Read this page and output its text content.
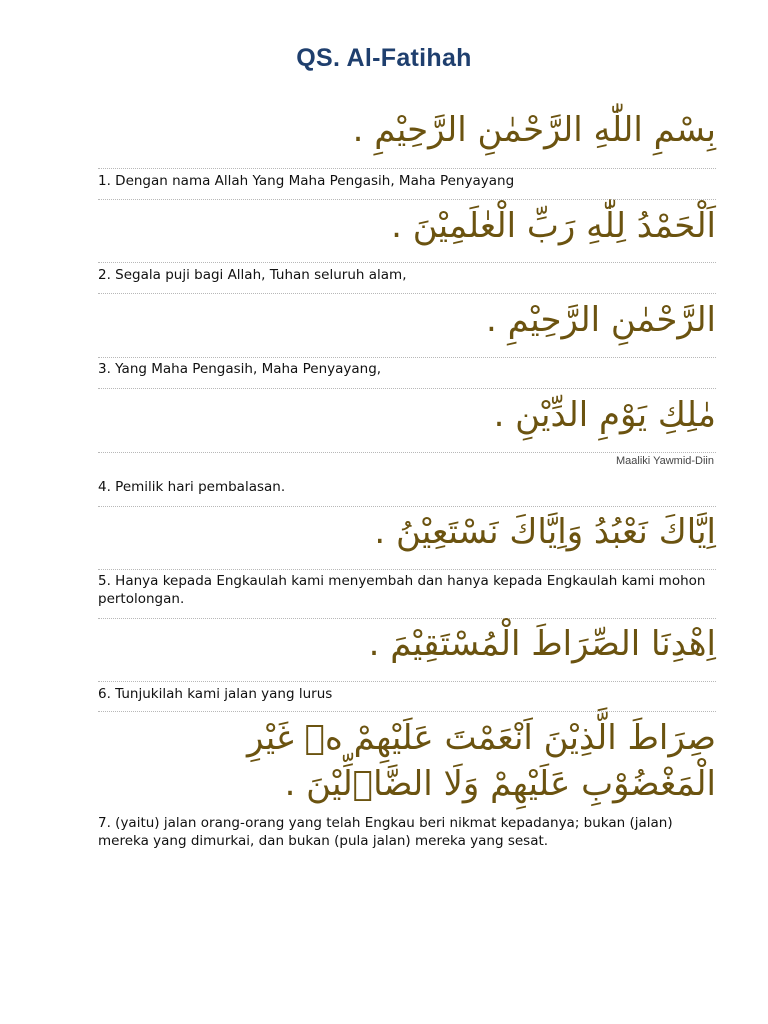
QS. Al-Fatihah
بِسْمِ اللّٰهِ الرَّحْمٰنِ الرَّحِيْمِ .
1. Dengan nama Allah Yang Maha Pengasih, Maha Penyayang
اَلْحَمْدُ لِلّٰهِ رَبِّ الْعٰلَمِيْنَ .
2. Segala puji bagi Allah, Tuhan seluruh alam,
الرَّحْمٰنِ الرَّحِيْمِ .
3. Yang Maha Pengasih, Maha Penyayang,
مٰلِكِ يَوْمِ الدِّيْنِ .
Maaliki Yawmid-Diin
4. Pemilik hari pembalasan.
اِيَّاكَ نَعْبُدُ وَاِيَّاكَ نَسْتَعِيْنُ .
5. Hanya kepada Engkaulah kami menyembah dan hanya kepada Engkaulah kami mohon pertolongan.
اِهْدِنَا الصِّرَاطَ الْمُسْتَقِيْمَ .
6. Tunjukilah kami jalan yang lurus
صِرَاطَ الَّذِيْنَ اَنْعَمْتَ عَلَيْهِمْ ەۙ غَيْرِ الْمَغْضُوْبِ عَلَيْهِمْ وَلَا الضَّاۤلِّيْنَ .
7. (yaitu) jalan orang-orang yang telah Engkau beri nikmat kepadanya; bukan (jalan) mereka yang dimurkai, dan bukan (pula jalan) mereka yang sesat.
